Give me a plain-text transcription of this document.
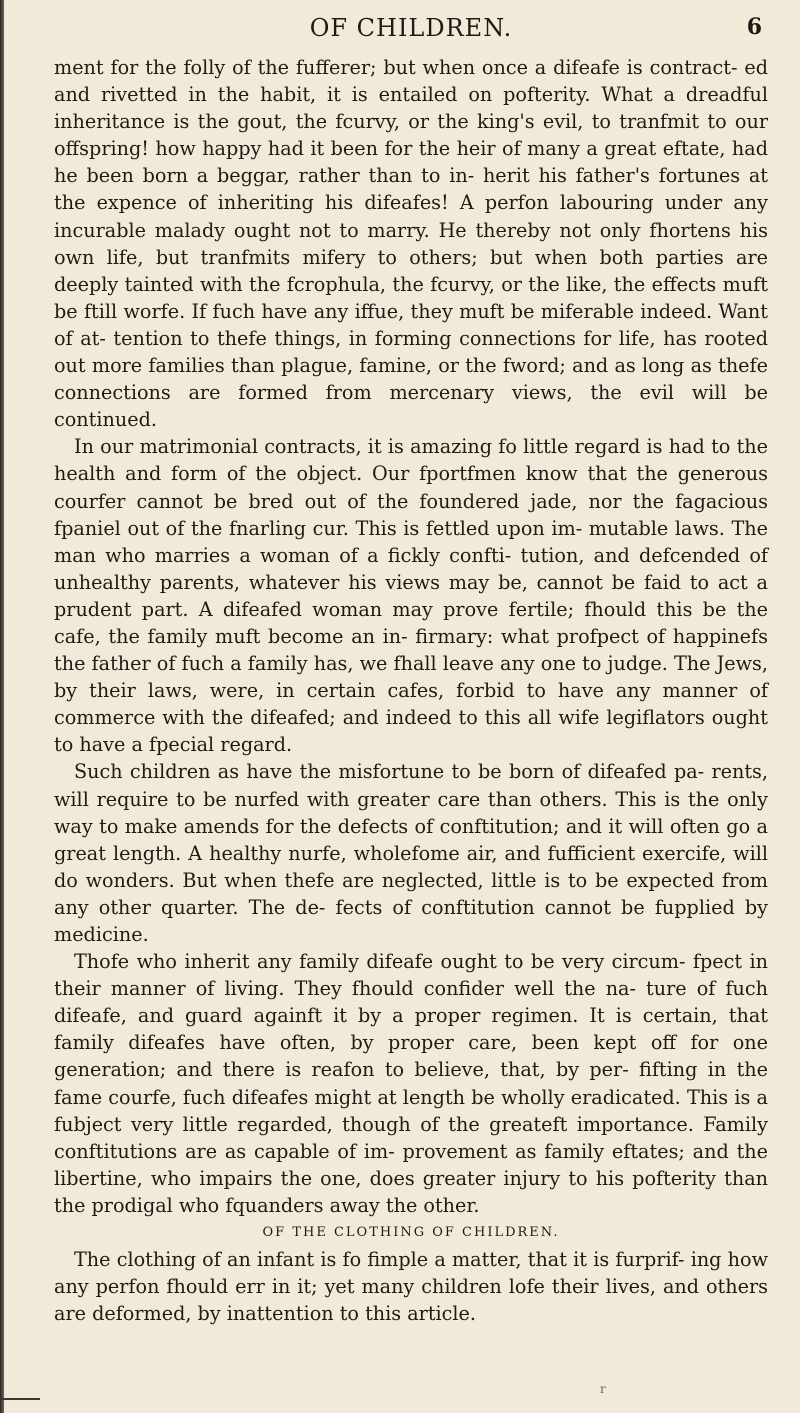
OF CHILDREN.	6

ment for the folly of the fufferer; but when once a difeafe is contract- ed and rivetted in the habit, it is entailed on pofterity. What a dreadful inheritance is the gout, the fcurvy, or the king's evil, to tranfmit to our offspring! how happy had it been for the heir of many a great eftate, had he been born a beggar, rather than to in- herit his father's fortunes at the expence of inheriting his difeafes! A perfon labouring under any incurable malady ought not to marry. He thereby not only fhortens his own life, but tranfmits mifery to others; but when both parties are deeply tainted with the fcrophula, the fcurvy, or the like, the effects muft be ftill worfe. If fuch have any iffue, they muft be miferable indeed. Want of at- tention to thefe things, in forming connections for life, has rooted out more families than plague, famine, or the fword; and as long as thefe connections are formed from mercenary views, the evil will be continued.

In our matrimonial contracts, it is amazing fo little regard is had to the health and form of the object. Our fportfmen know that the generous courfer cannot be bred out of the foundered jade, nor the fagacious fpaniel out of the fnarling cur. This is fettled upon im- mutable laws. The man who marries a woman of a fickly confti- tution, and defcended of unhealthy parents, whatever his views may be, cannot be faid to act a prudent part. A difeafed woman may prove fertile; fhould this be the cafe, the family muft become an in- firmary: what profpect of happinefs the father of fuch a family has, we fhall leave any one to judge. The Jews, by their laws, were, in certain cafes, forbid to have any manner of commerce with the difeafed; and indeed to this all wife legiflators ought to have a fpecial regard.

Such children as have the misfortune to be born of difeafed pa- rents, will require to be nurfed with greater care than others. This is the only way to make amends for the defects of conftitution; and it will often go a great length. A healthy nurfe, wholefome air, and fufficient exercife, will do wonders. But when thefe are neglected, little is to be expected from any other quarter. The de- fects of conftitution cannot be fupplied by medicine.

Thofe who inherit any family difeafe ought to be very circum- fpect in their manner of living. They fhould confider well the na- ture of fuch difeafe, and guard againft it by a proper regimen. It is certain, that family difeafes have often, by proper care, been kept off for one generation; and there is reafon to believe, that, by per- fifting in the fame courfe, fuch difeafes might at length be wholly eradicated. This is a fubject very little regarded, though of the greateft importance. Family conftitutions are as capable of im- provement as family eftates; and the libertine, who impairs the one, does greater injury to his pofterity than the prodigal who fquanders away the other.

OF THE CLOTHING OF CHILDREN.

The clothing of an infant is fo fimple a matter, that it is furprif- ing how any perfon fhould err in it; yet many children lofe their lives, and others are deformed, by inattention to this article.

r
